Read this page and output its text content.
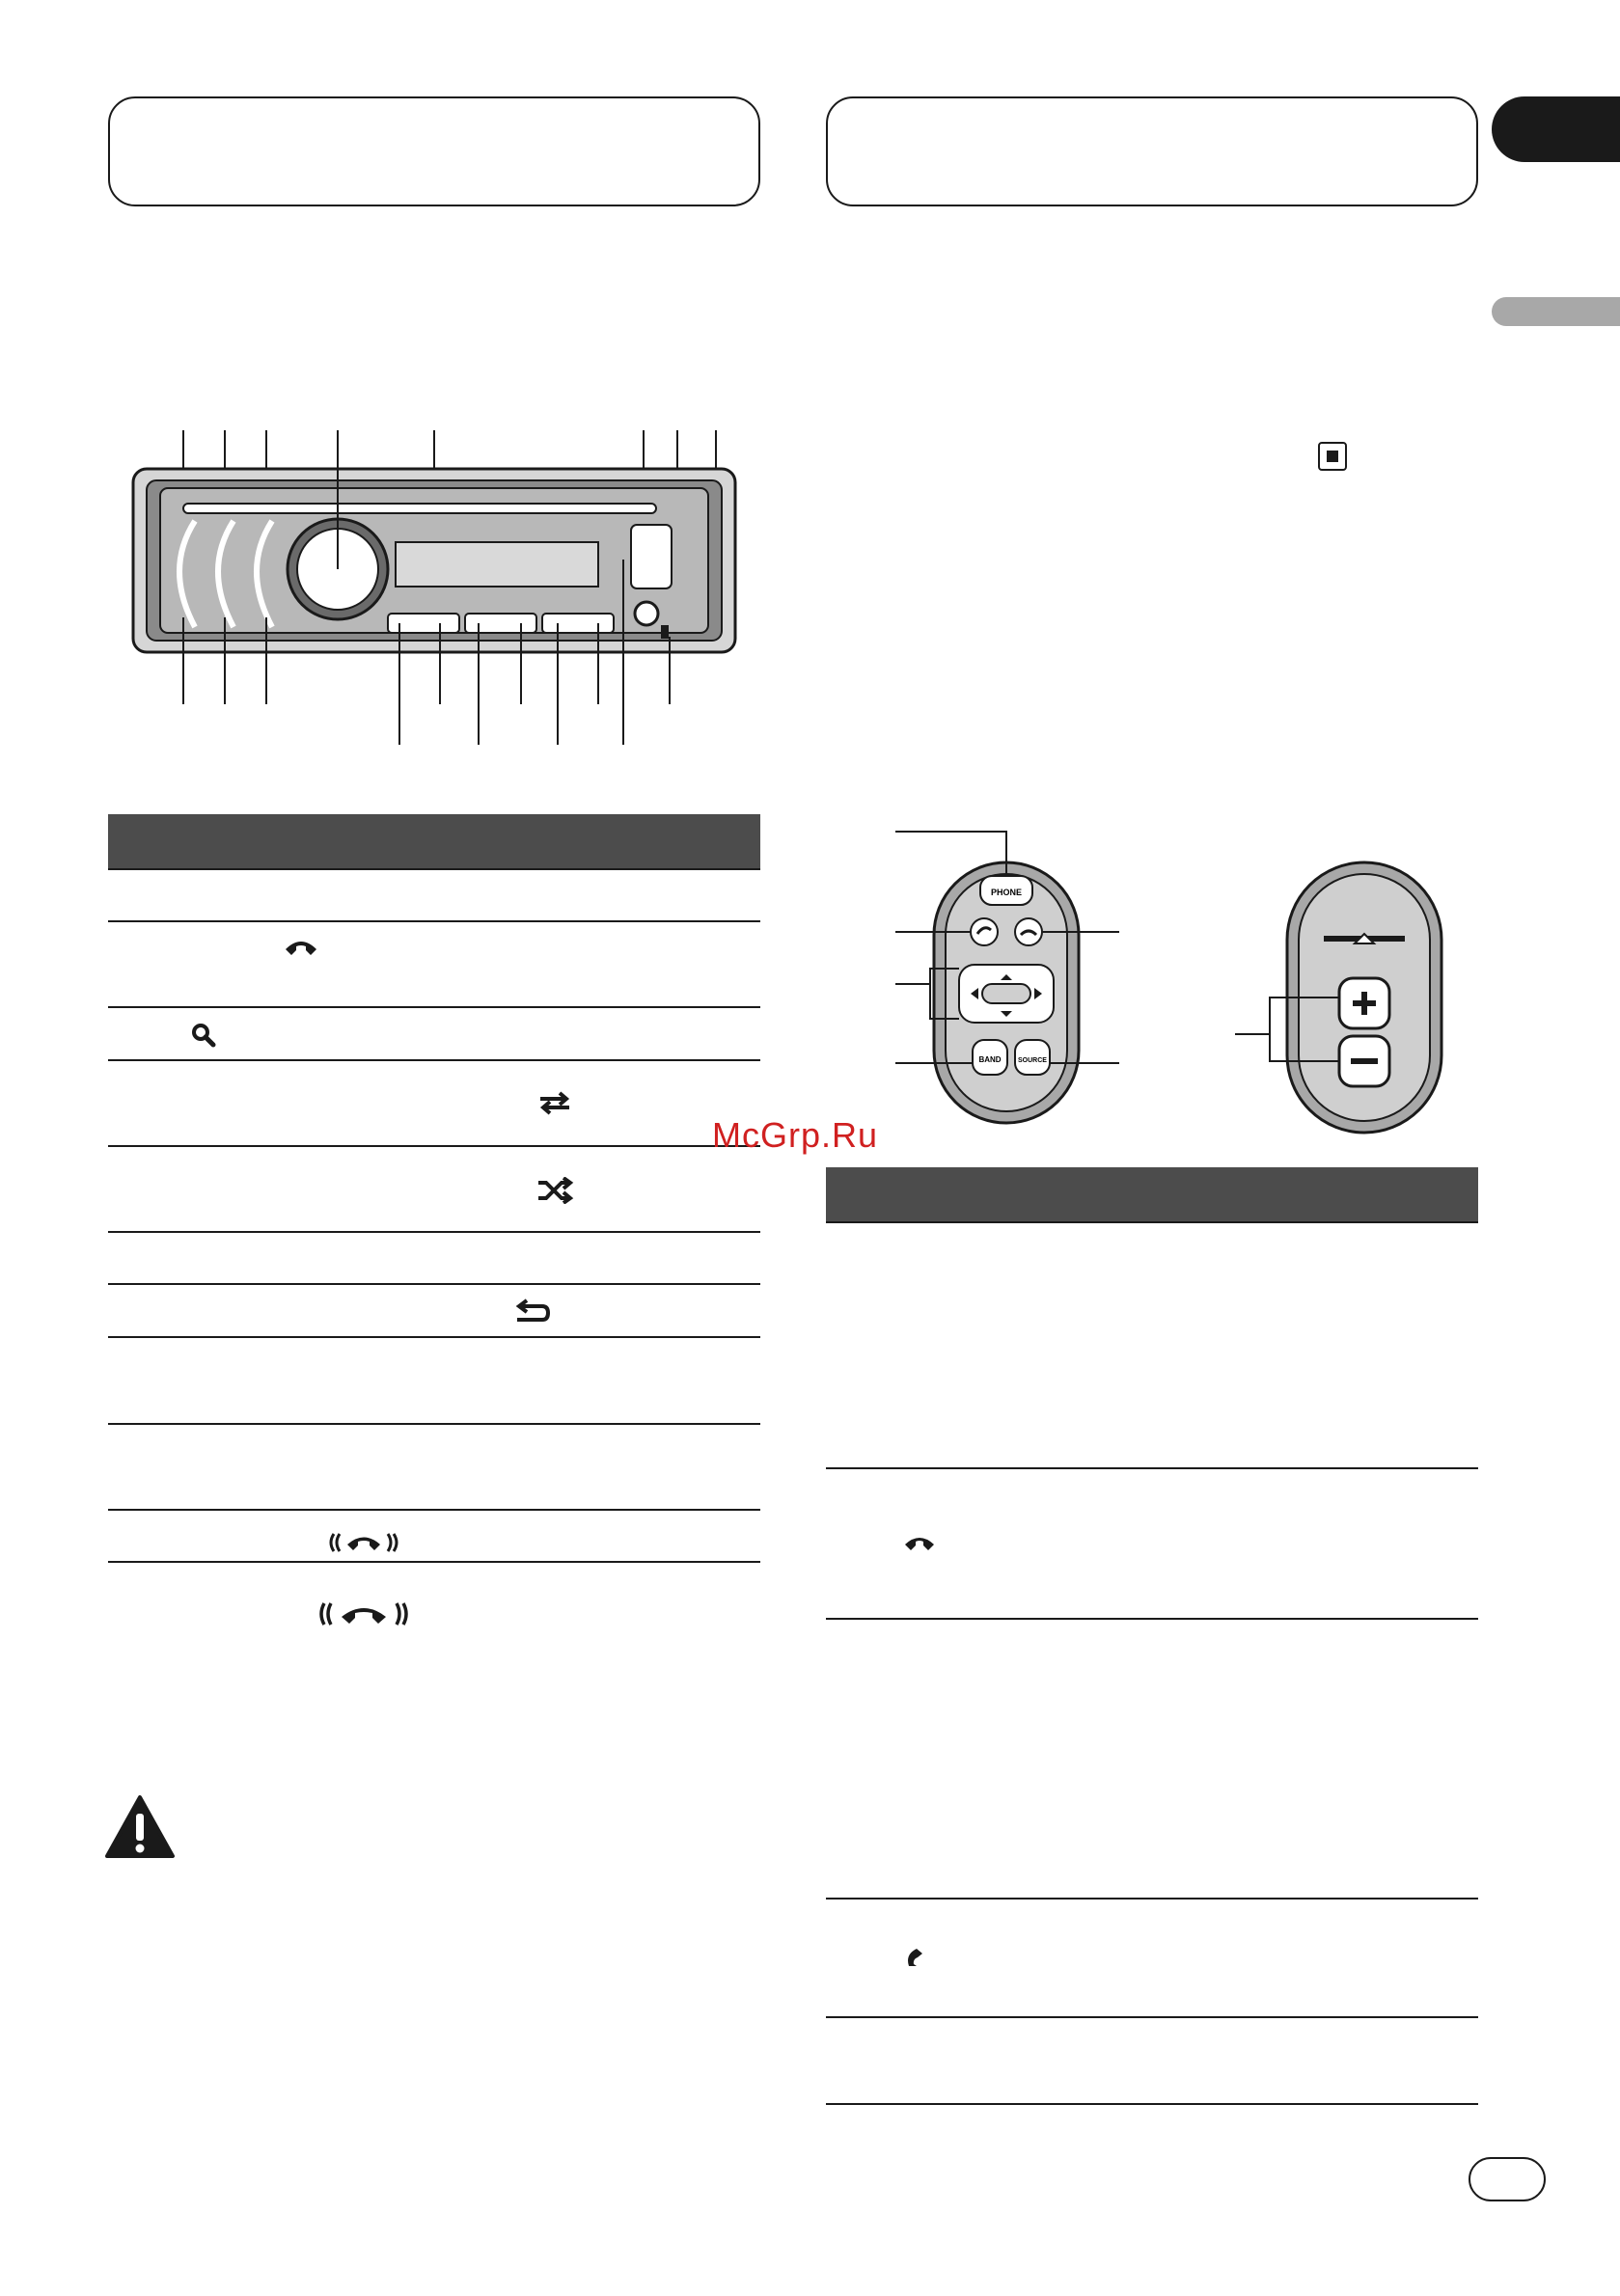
PHONE
BAND SOURCE
McGrp.Ru
